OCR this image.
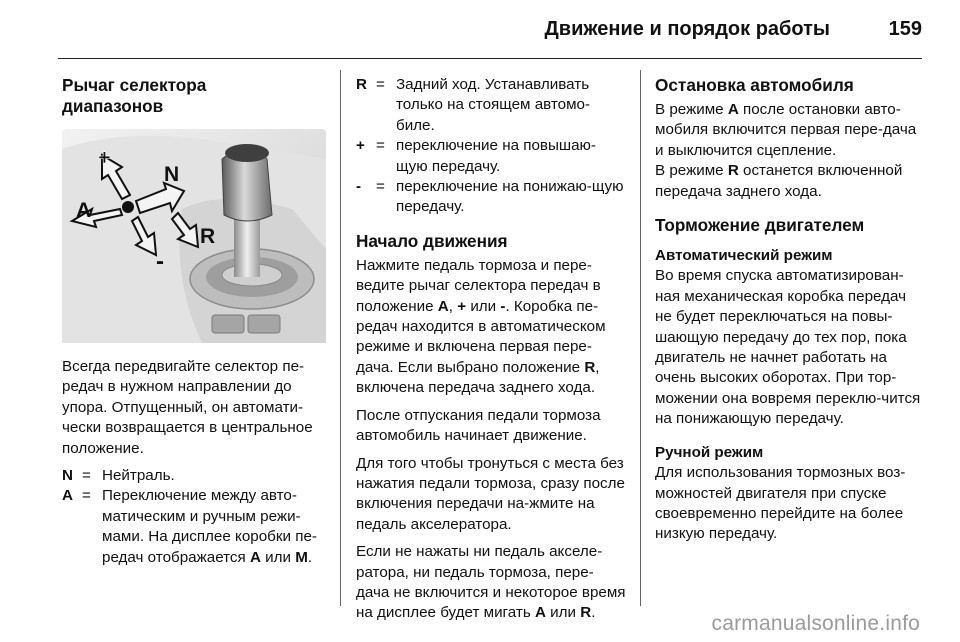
Движение и порядок работы	159
Рычаг селектора
диапазонов
+
-
A
N
R

Всегда передвигайте селектор пе-редач в нужном направлении до упора. Отпущенный, он автомати-чески возвращается в центральное положение.

N = Нейтраль.
A = Переключение между авто-матическим и ручным режи-мами. На дисплее коробки пе-редач отображается A или M.
R = Задний ход. Устанавливать только на стоящем автомо-биле.
+ = переключение на повышаю-щую передачу.
- = переключение на понижаю-щую передачу.
Начало движения

Нажмите педаль тормоза и пере-ведите рычаг селектора передач в положение A, + или -. Коробка пе-редач находится в автоматическом режиме и включена первая пере-дача. Если выбрано положение R, включена передача заднего хода.

После отпускания педали тормоза автомобиль начинает движение.

Для того чтобы тронуться с места без нажатия педали тормоза, сразу после включения передачи на-жмите на педаль акселератора.

Если не нажаты ни педаль акселе-ратора, ни педаль тормоза, пере-дача не включится и некоторое время на дисплее будет мигать A или R.

Остановка автомобиля

В режиме A после остановки авто-мобиля включится первая пере-дача и выключится сцепление.

В режиме R останется включенной передача заднего хода.

Торможение двигателем
Автоматический режим

Во время спуска автоматизирован-ная механическая коробка передач не будет переключаться на повы-шающую передачу до тех пор, пока двигатель не начнет работать на очень высоких оборотах. При тор-можении она вовремя переклю-чится на понижающую передачу.

Ручной режим

Для использования тормозных воз-можностей двигателя при спуске своевременно перейдите на более низкую передачу.

carmanualsonline.info
